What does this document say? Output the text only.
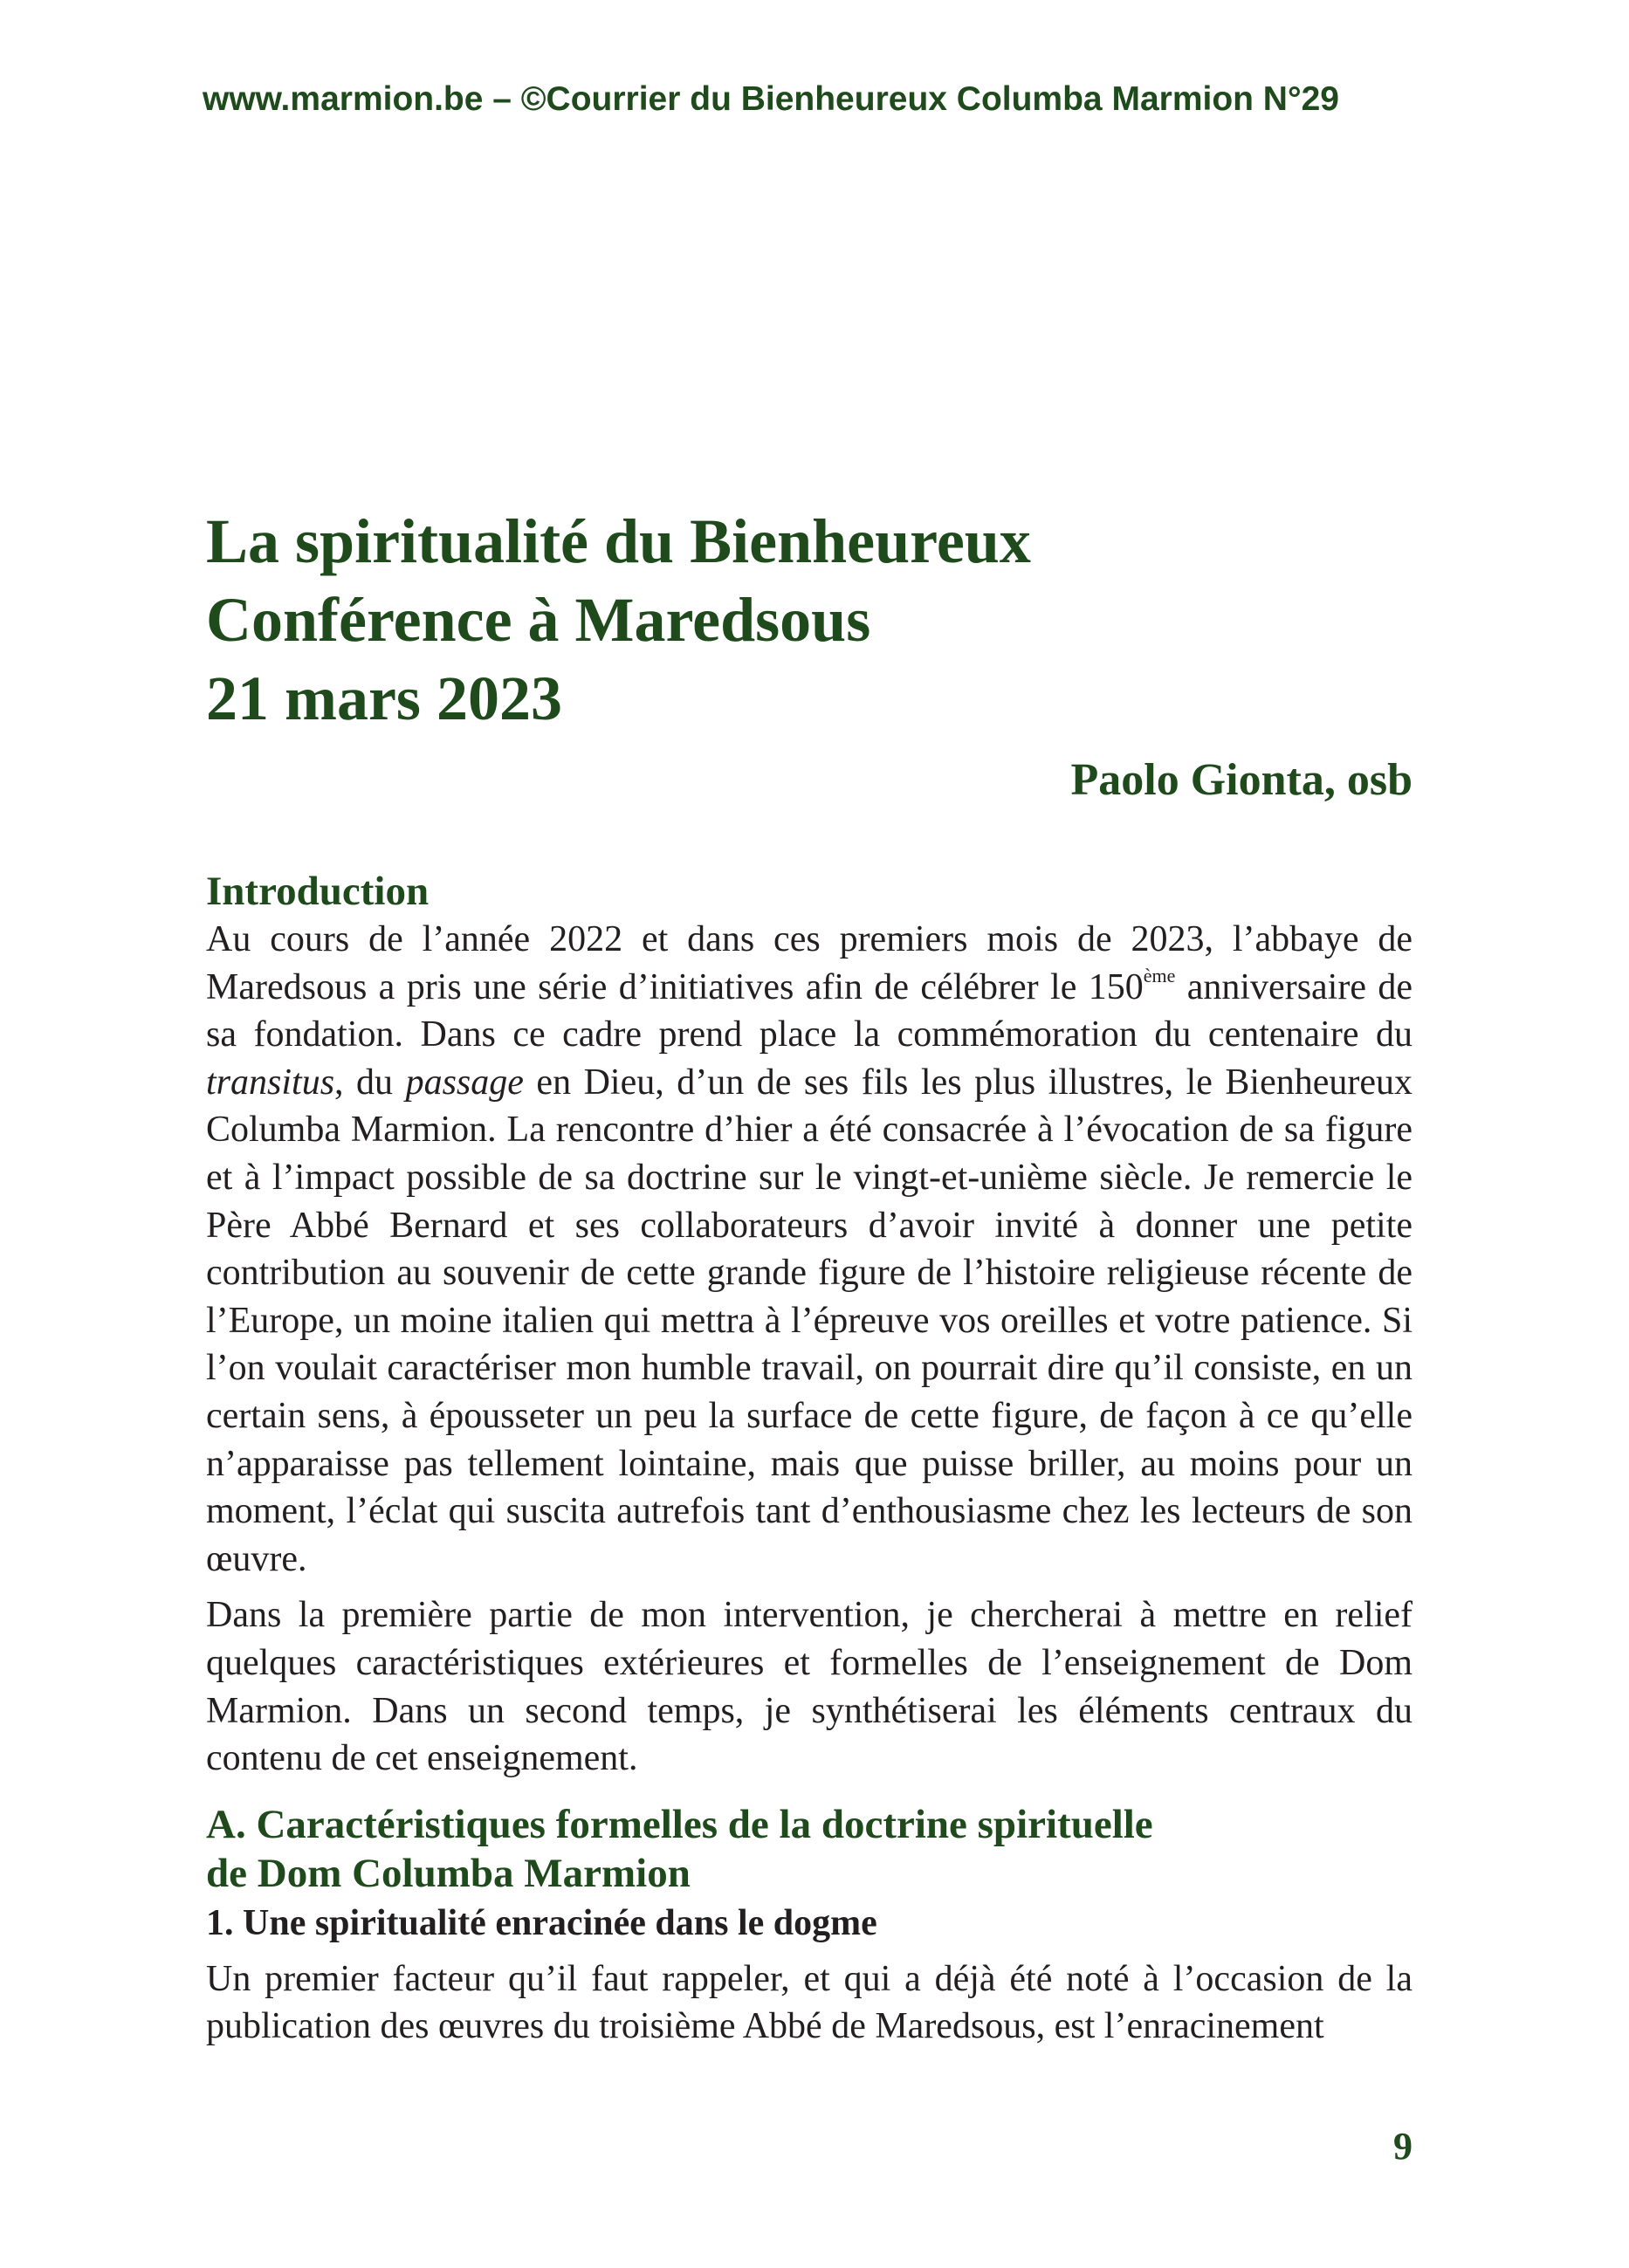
www.marmion.be – ©Courrier du Bienheureux Columba Marmion N°29
La spiritualité du Bienheureux
Conférence à Maredsous
21 mars 2023
Paolo Gionta, osb
Introduction

Au cours de l’année 2022 et dans ces premiers mois de 2023, l’abbaye de Maredsous a pris une série d’initiatives afin de célébrer le 150ème anniversaire de sa fondation. Dans ce cadre prend place la commémoration du centenaire du transitus, du passage en Dieu, d’un de ses fils les plus illustres, le Bienheureux Columba Marmion. La rencontre d’hier a été consacrée à l’évocation de sa figure et à l’impact possible de sa doctrine sur le vingt-et-unième siècle. Je remercie le Père Abbé Bernard et ses collaborateurs d’avoir invité à donner une petite contribution au souvenir de cette grande figure de l’histoire religieuse récente de l’Europe, un moine italien qui mettra à l’épreuve vos oreilles et votre patience. Si l’on voulait caractériser mon humble travail, on pourrait dire qu’il consiste, en un certain sens, à épousseter un peu la surface de cette figure, de façon à ce qu’elle n’apparaisse pas tellement lointaine, mais que puisse briller, au moins pour un moment, l’éclat qui suscita autrefois tant d’enthousiasme chez les lecteurs de son œuvre.

Dans la première partie de mon intervention, je chercherai à mettre en relief quelques caractéristiques extérieures et formelles de l’enseignement de Dom Marmion. Dans un second temps, je synthétiserai les éléments centraux du contenu de cet enseignement.

A. Caractéristiques formelles de la doctrine spirituelle
de Dom Columba Marmion
1. Une spiritualité enracinée dans le dogme

Un premier facteur qu’il faut rappeler, et qui a déjà été noté à l’occasion de la publication des œuvres du troisième Abbé de Maredsous, est l’enracinement

9
